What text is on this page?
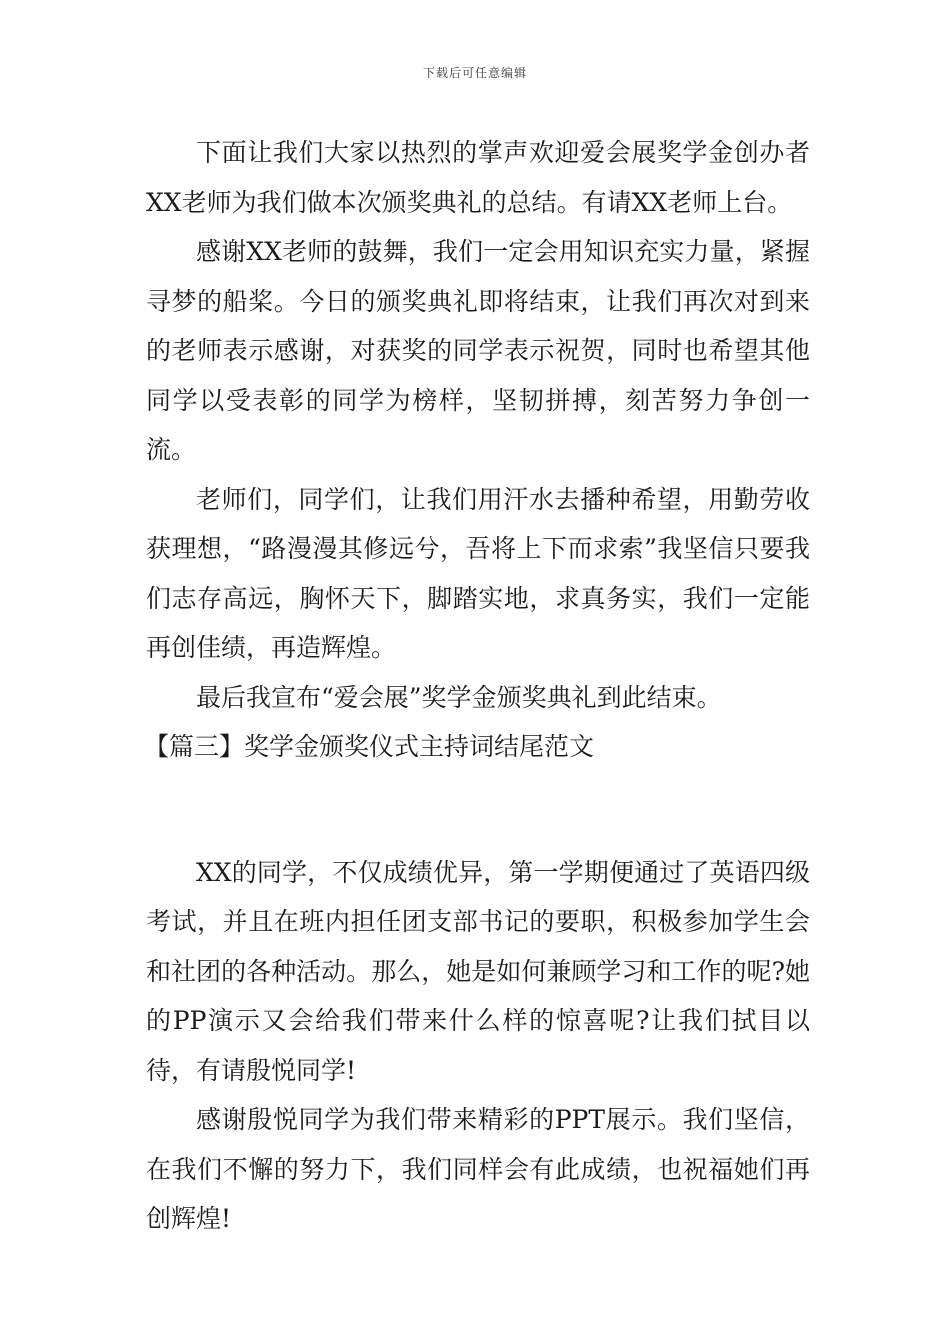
下载后可任意编辑

下面让我们大家以热烈的掌声欢迎爱会展奖学金创办者XX老师为我们做本次颁奖典礼的总结。有请XX老师上台。

感谢XX老师的鼓舞，我们一定会用知识充实力量，紧握寻梦的船桨。今日的颁奖典礼即将结束，让我们再次对到来的老师表示感谢，对获奖的同学表示祝贺，同时也希望其他同学以受表彰的同学为榜样，坚韧拼搏，刻苦努力争创一流。

老师们，同学们，让我们用汗水去播种希望，用勤劳收获理想，“路漫漫其修远兮，吾将上下而求索”我坚信只要我们志存高远，胸怀天下，脚踏实地，求真务实，我们一定能再创佳绩，再造辉煌。

最后我宣布“爱会展”奖学金颁奖典礼到此结束。

【篇三】奖学金颁奖仪式主持词结尾范文

XX的同学，不仅成绩优异，第一学期便通过了英语四级考试，并且在班内担任团支部书记的要职，积极参加学生会和社团的各种活动。那么，她是如何兼顾学习和工作的呢?她的PP演示又会给我们带来什么样的惊喜呢?让我们拭目以待，有请殷悦同学!

感谢殷悦同学为我们带来精彩的PPT展示。我们坚信，在我们不懈的努力下，我们同样会有此成绩，也祝福她们再创辉煌!
